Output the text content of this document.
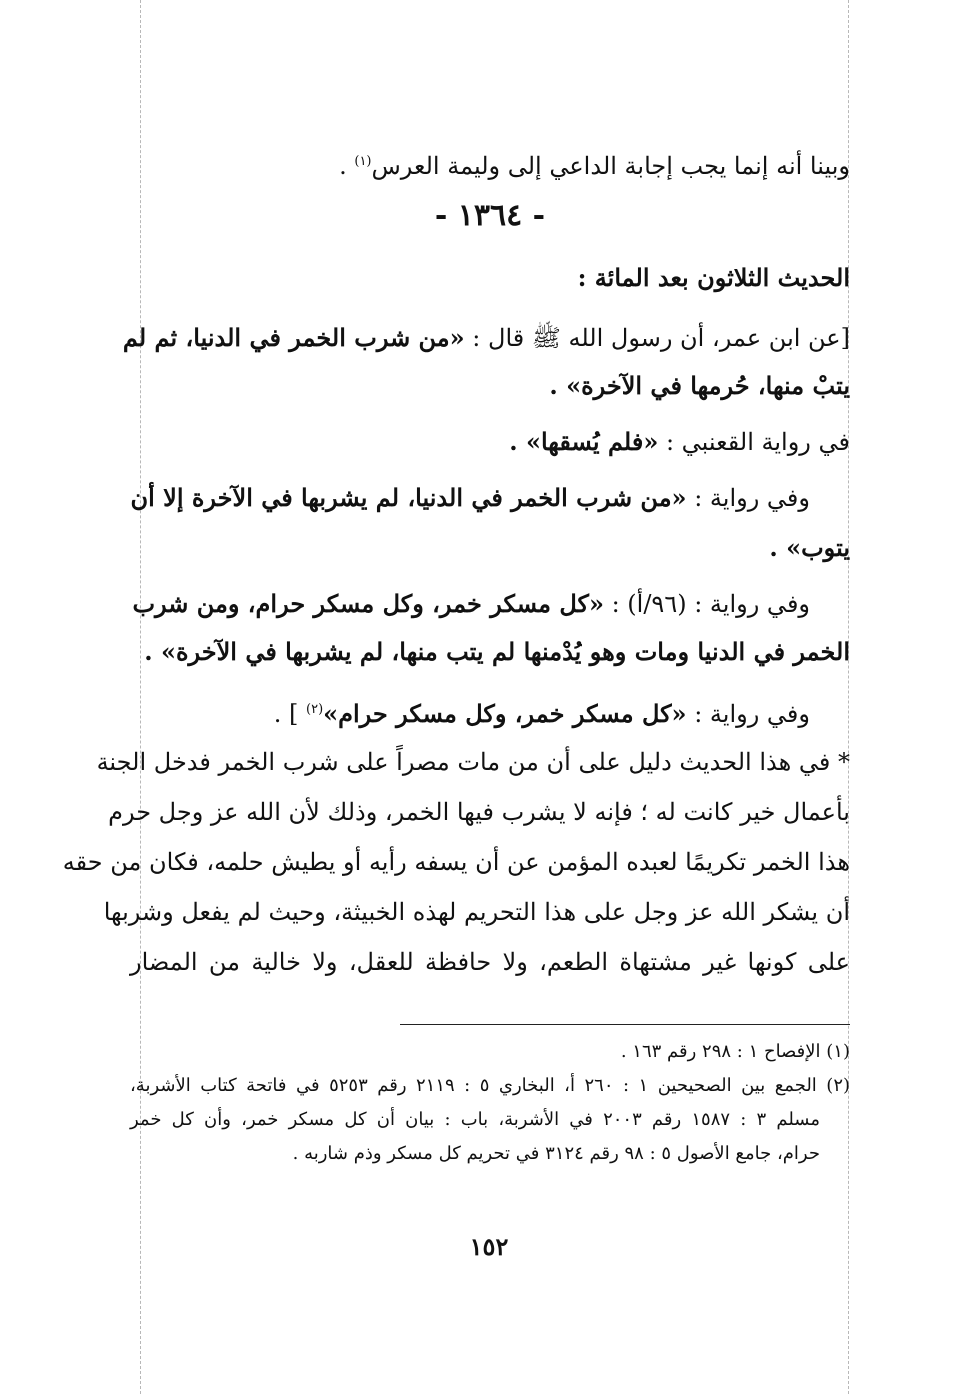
وبينا أنه إنما يجب إجابة الداعي إلى وليمة العرس$^{(١)}$ .
- ١٣٦٤ -
الحديث الثلاثون بعد المائة :
[عن ابن عمر، أن رسول الله ﷺ قال : «من شرب الخمر في الدنيا، ثم لم
يتبْ منها، حُرمها في الآخرة» .
في رواية القعنبي : «فلم يُسقها» .
وفي رواية : «من شرب الخمر في الدنيا، لم يشربها في الآخرة إلا أن
يتوب» .
وفي رواية : (٩٦/أ) : «كل مسكر خمر، وكل مسكر حرام، ومن شرب
الخمر في الدنيا ومات وهو يُدْمنها لم يتب منها، لم يشربها في الآخرة» .
وفي رواية : «كل مسكر خمر، وكل مسكر حرام»$^{(٢)}$ ] .
* في هذا الحديث دليل على أن من مات مصراً على شرب الخمر فدخل الجنة
بأعمال خير كانت له ؛ فإنه لا يشرب فيها الخمر، وذلك لأن الله عز وجل حرم
هذا الخمر تكريمًا لعبده المؤمن عن أن يسفه رأيه أو يطيش حلمه، فكان من حقه
أن يشكر الله عز وجل على هذا التحريم لهذه الخبيثة، وحيث لم يفعل وشربها
على كونها غير مشتهاة الطعم، ولا حافظة للعقل، ولا خالية من المضار
(١) الإفصاح ١ : ٢٩٨ رقم ١٦٣ .
(٢) الجمع بين الصحيحين ١ : ٢٦٠ أ، البخاري ٥ : ٢١١٩ رقم ٥٢٥٣ في فاتحة كتاب الأشربة،
مسلم ٣ : ١٥٨٧ رقم ٢٠٠٣ في الأشربة، باب : بيان أن كل مسكر خمر، وأن كل خمر
حرام، جامع الأصول ٥ : ٩٨ رقم ٣١٢٤ في تحريم كل مسكر وذم شاربه .
١٥٢
